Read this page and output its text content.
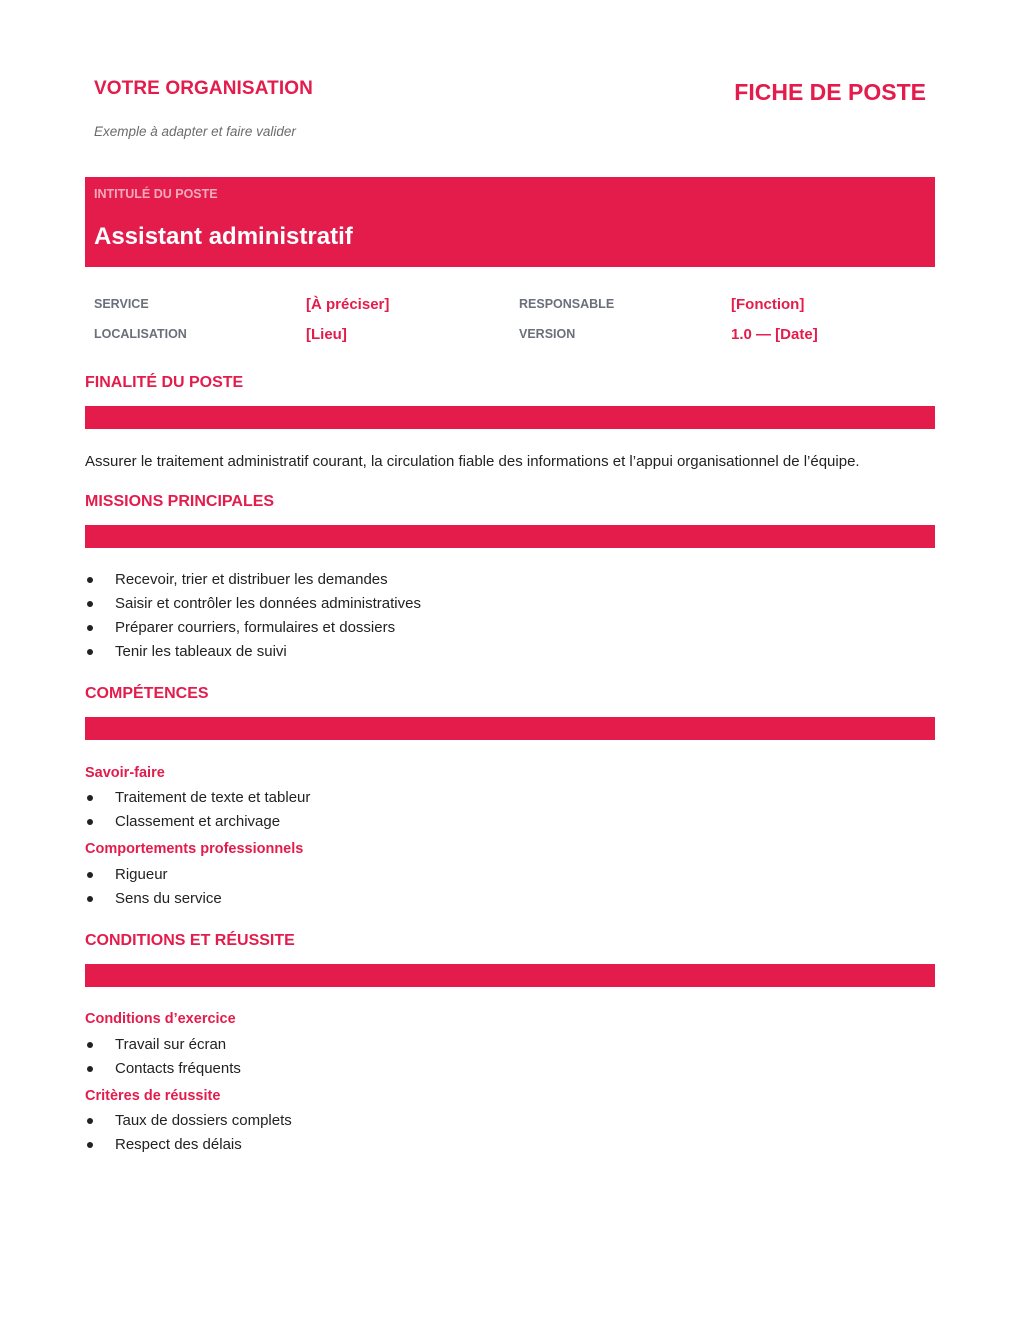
VOTRE ORGANISATION
Exemple à adapter et faire valider
FICHE DE POSTE
INTITULÉ DU POSTE
Assistant administratif
SERVICE	[À préciser]	RESPONSABLE	[Fonction]
LOCALISATION	[Lieu]	VERSION	1.0 — [Date]
FINALITÉ DU POSTE
Assurer le traitement administratif courant, la circulation fiable des informations et l’appui organisationnel de l’équipe.
MISSIONS PRINCIPALES
Recevoir, trier et distribuer les demandes
Saisir et contrôler les données administratives
Préparer courriers, formulaires et dossiers
Tenir les tableaux de suivi
COMPÉTENCES
Savoir-faire
Traitement de texte et tableur
Classement et archivage
Comportements professionnels
Rigueur
Sens du service
CONDITIONS ET RÉUSSITE
Conditions d’exercice
Travail sur écran
Contacts fréquents
Critères de réussite
Taux de dossiers complets
Respect des délais
